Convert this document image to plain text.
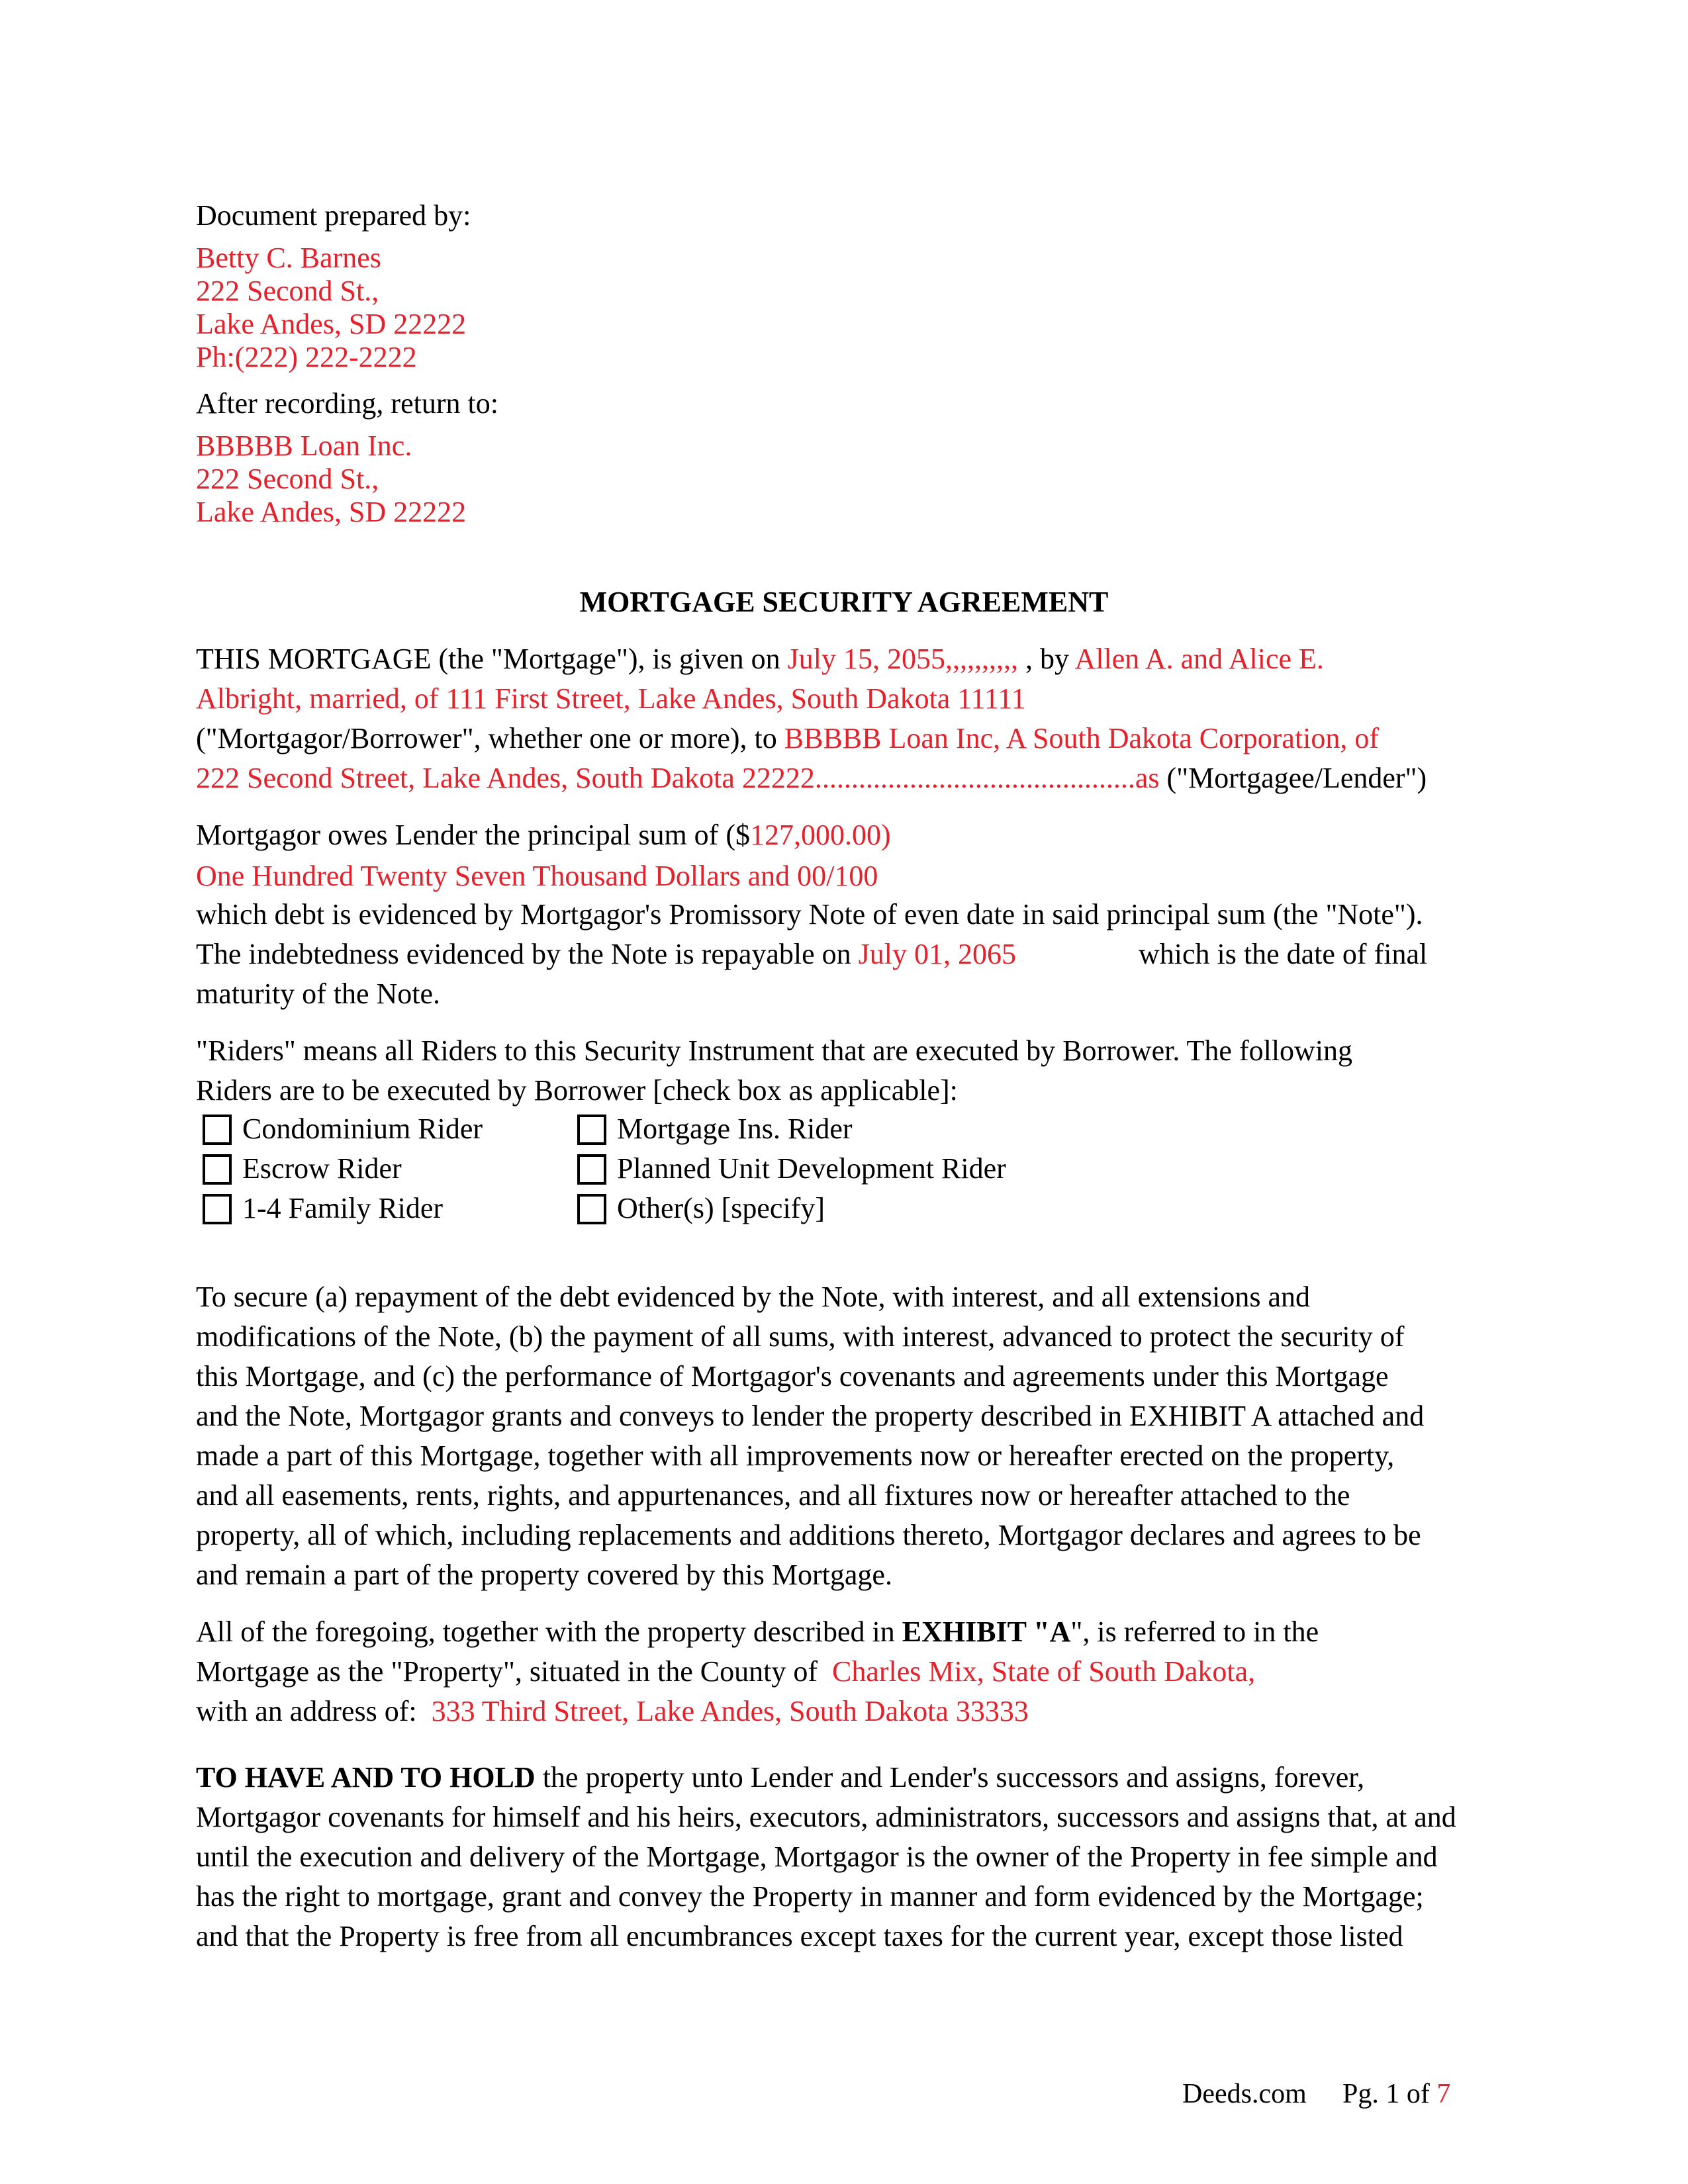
Document prepared by:
Betty C. Barnes
222 Second St.,
Lake Andes, SD 22222
Ph:(222) 222-2222
After recording, return to:
BBBBB Loan Inc.
222 Second St.,
Lake Andes, SD 22222
MORTGAGE SECURITY AGREEMENT
THIS MORTGAGE (the "Mortgage"), is given on July 15, 2055,,,,,,,,,, , by Allen A. and Alice E.
Albright, married, of 111 First Street, Lake Andes, South Dakota 11111
("Mortgagor/Borrower", whether one or more), to BBBBB Loan Inc, A South Dakota Corporation, of
222 Second Street, Lake Andes, South Dakota 22222............................................as ("Mortgagee/Lender")
Mortgagor owes Lender the principal sum of ($127,000.00)
One Hundred Twenty Seven Thousand Dollars and 00/100
which debt is evidenced by Mortgagor's Promissory Note of even date in said principal sum (the "Note").
The indebtedness evidenced by the Note is repayable on July 01, 2065	which is the date of final
maturity of the Note.
"Riders" means all Riders to this Security Instrument that are executed by Borrower. The following
Riders are to be executed by Borrower [check box as applicable]:
Condominium Rider	Mortgage Ins. Rider
Escrow Rider	Planned Unit Development Rider
1-4 Family Rider	Other(s) [specify]
To secure (a) repayment of the debt evidenced by the Note, with interest, and all extensions and
modifications of the Note, (b) the payment of all sums, with interest, advanced to protect the security of
this Mortgage, and (c) the performance of Mortgagor's covenants and agreements under this Mortgage
and the Note, Mortgagor grants and conveys to lender the property described in EXHIBIT A attached and
made a part of this Mortgage, together with all improvements now or hereafter erected on the property,
and all easements, rents, rights, and appurtenances, and all fixtures now or hereafter attached to the
property, all of which, including replacements and additions thereto, Mortgagor declares and agrees to be
and remain a part of the property covered by this Mortgage.
All of the foregoing, together with the property described in EXHIBIT "A", is referred to in the
Mortgage as the "Property", situated in the County of Charles Mix, State of South Dakota,
with an address of: 333 Third Street, Lake Andes, South Dakota 33333
TO HAVE AND TO HOLD the property unto Lender and Lender's successors and assigns, forever,
Mortgagor covenants for himself and his heirs, executors, administrators, successors and assigns that, at and
until the execution and delivery of the Mortgage, Mortgagor is the owner of the Property in fee simple and
has the right to mortgage, grant and convey the Property in manner and form evidenced by the Mortgage;
and that the Property is free from all encumbrances except taxes for the current year, except those listed
Deeds.com Pg. 1 of 7
